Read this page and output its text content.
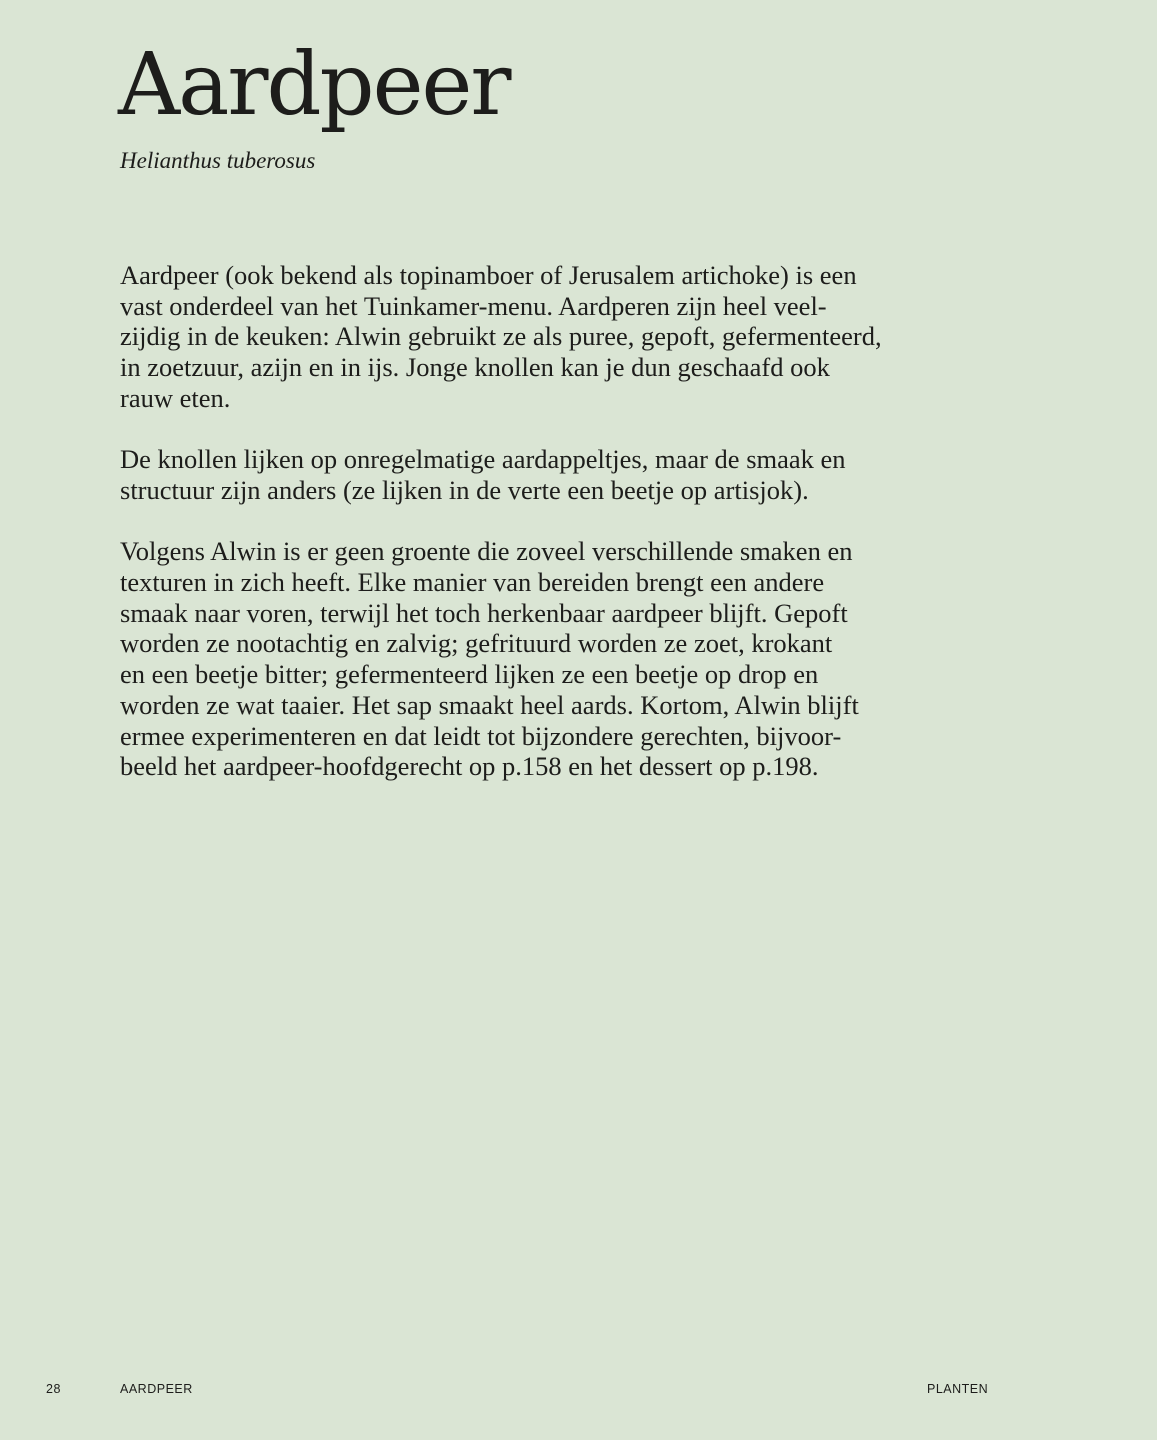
Aardpeer
Helianthus tuberosus

Aardpeer (ook bekend als topinamboer of Jerusalem artichoke) is een
vast onderdeel van het Tuinkamer-menu. Aardperen zijn heel veel-
zijdig in de keuken: Alwin gebruikt ze als puree, gepoft, gefermenteerd,
in zoetzuur, azijn en in ijs. Jonge knollen kan je dun geschaafd ook
rauw eten.

De knollen lijken op onregelmatige aardappeltjes, maar de smaak en
structuur zijn anders (ze lijken in de verte een beetje op artisjok).

Volgens Alwin is er geen groente die zoveel verschillende smaken en
texturen in zich heeft. Elke manier van bereiden brengt een andere
smaak naar voren, terwijl het toch herkenbaar aardpeer blijft. Gepoft
worden ze nootachtig en zalvig; gefrituurd worden ze zoet, krokant
en een beetje bitter; gefermenteerd lijken ze een beetje op drop en
worden ze wat taaier. Het sap smaakt heel aards. Kortom, Alwin blijft
ermee experimenteren en dat leidt tot bijzondere gerechten, bijvoor-
beeld het aardpeer-hoofdgerecht op p.158 en het dessert op p.198.

28	AARDPEER	PLANTEN
